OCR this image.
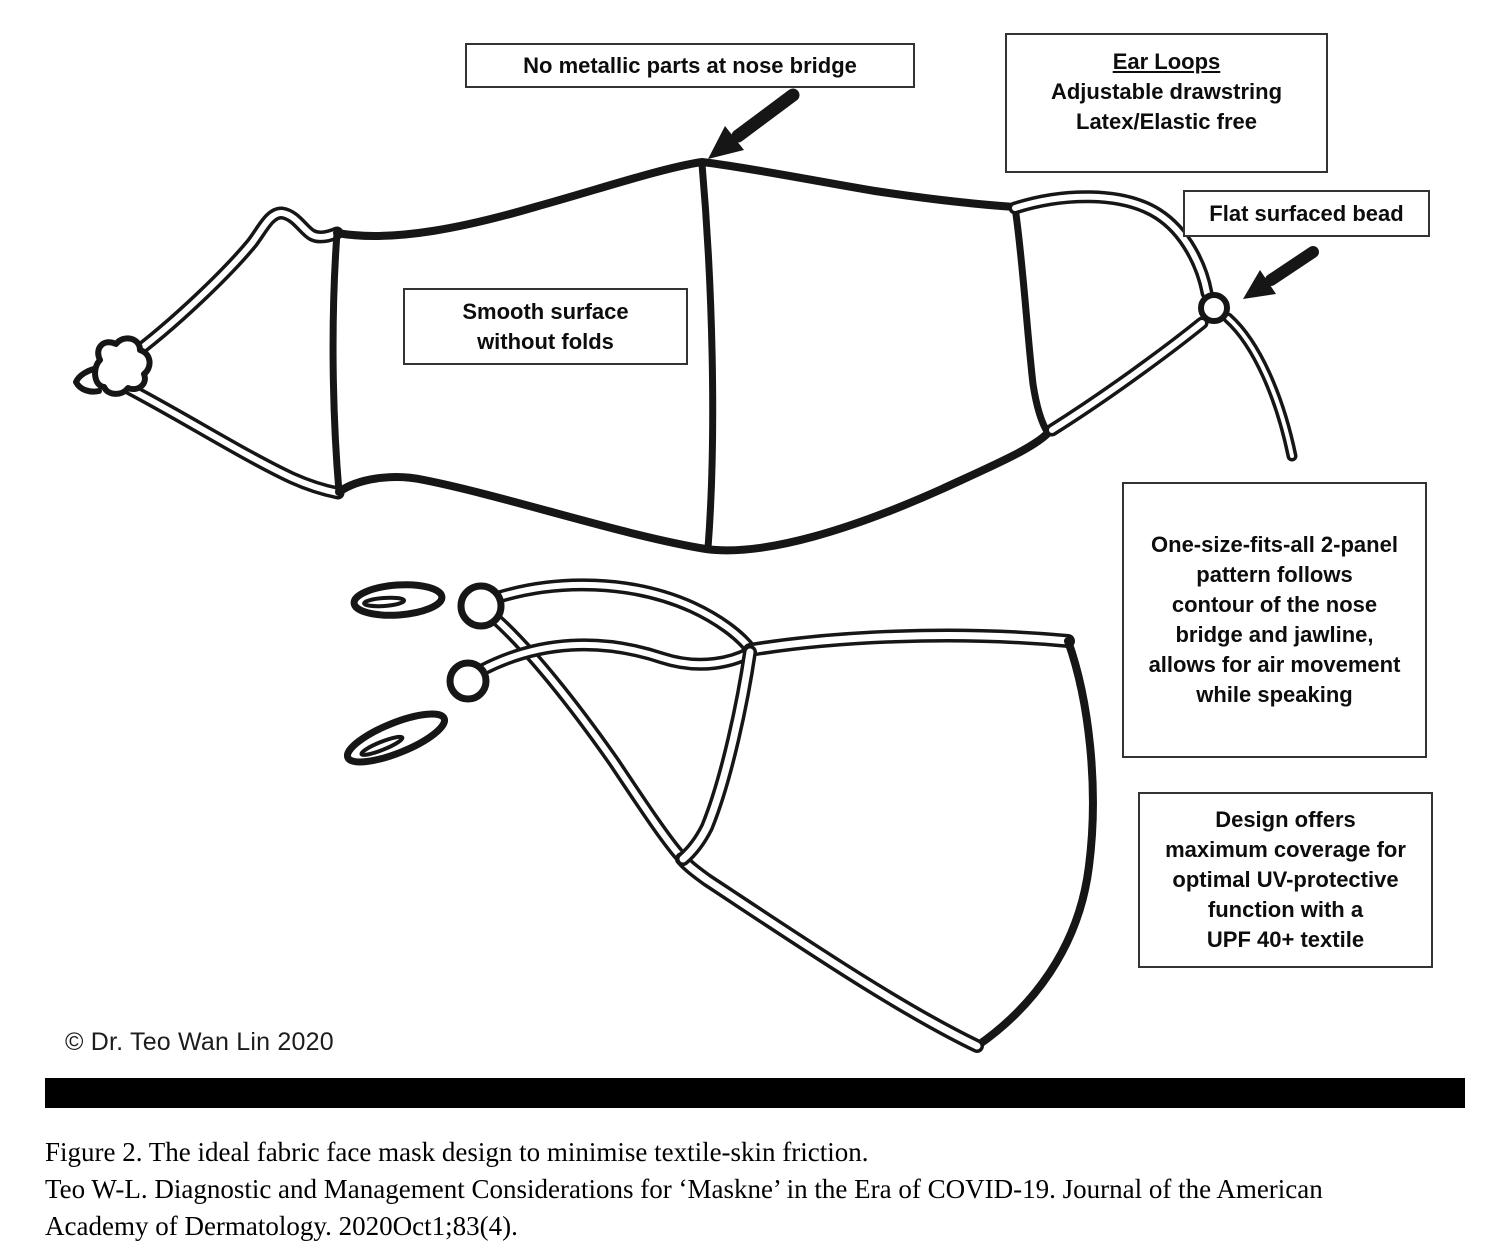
No metallic parts at nose bridge	Ear Loops
Adjustable drawstring
Latex/Elastic free
Flat surfaced bead
Smooth surface
without folds
One-size-fits-all 2-panel
pattern follows
contour of the nose
bridge and jawline,
allows for air movement
while speaking
Design offers
maximum coverage for
optimal UV-protective
function with a
UPF 40+ textile
© Dr. Teo Wan Lin 2020
Figure 2. The ideal fabric face mask design to minimise textile-skin friction.
Teo W-L. Diagnostic and Management Considerations for ‘Maskne’ in the Era of COVID-19. Journal of the American
Academy of Dermatology. 2020Oct1;83(4).
